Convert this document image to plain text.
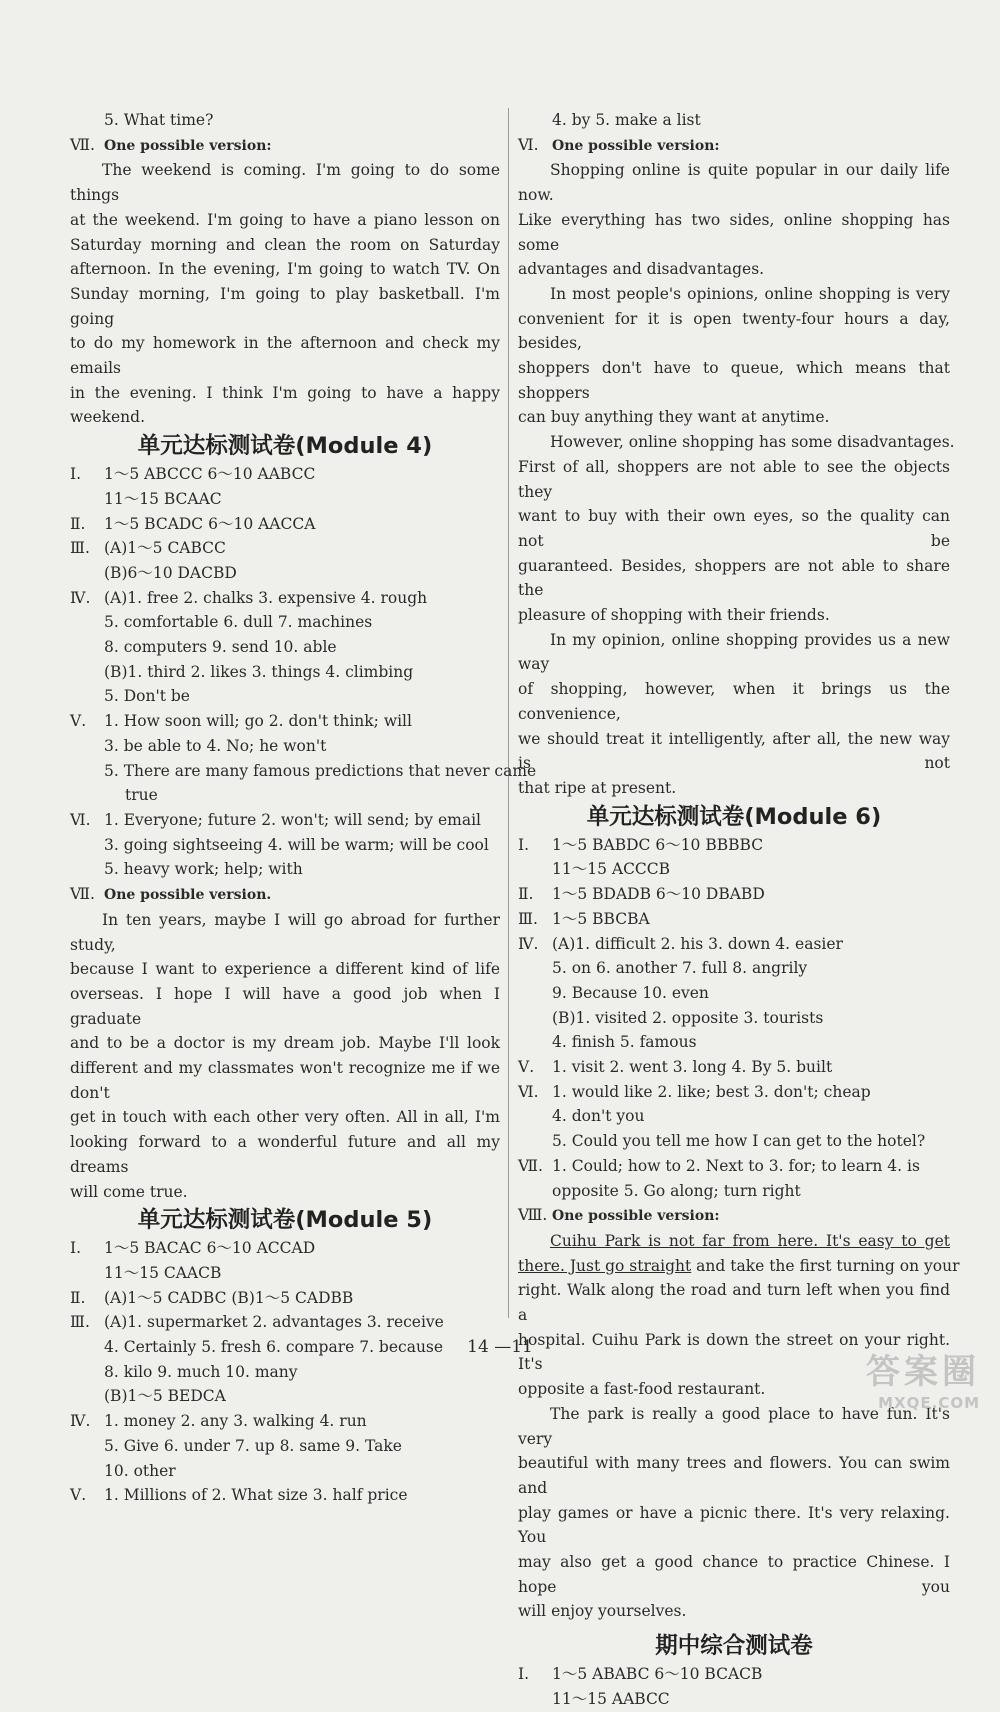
5. What time?
Ⅶ. One possible version:
The weekend is coming. I'm going to do some things
at the weekend. I'm going to have a piano lesson on
Saturday morning and clean the room on Saturday
afternoon. In the evening, I'm going to watch TV. On
Sunday morning, I'm going to play basketball. I'm going
to do my homework in the afternoon and check my emails
in the evening. I think I'm going to have a happy
weekend.
单元达标测试卷(Module 4)
Ⅰ. 1～5 ABCCC 6～10 AABCC
11～15 BCAAC
Ⅱ. 1～5 BCADC 6～10 AACCA
Ⅲ. (A)1～5 CABCC
(B)6～10 DACBD
Ⅳ. (A)1. free 2. chalks 3. expensive 4. rough
5. comfortable 6. dull 7. machines
8. computers 9. send 10. able
(B)1. third 2. likes 3. things 4. climbing
5. Don't be
Ⅴ. 1. How soon will; go 2. don't think; will
3. be able to 4. No; he won't
5. There are many famous predictions that never came
true
Ⅵ. 1. Everyone; future 2. won't; will send; by email
3. going sightseeing 4. will be warm; will be cool
5. heavy work; help; with
Ⅶ. One possible version.
In ten years, maybe I will go abroad for further study,
because I want to experience a different kind of life
overseas. I hope I will have a good job when I graduate
and to be a doctor is my dream job. Maybe I'll look
different and my classmates won't recognize me if we don't
get in touch with each other very often. All in all, I'm
looking forward to a wonderful future and all my dreams
will come true.
单元达标测试卷(Module 5)
Ⅰ. 1～5 BACAC 6～10 ACCAD
11～15 CAACB
Ⅱ. (A)1～5 CADBC (B)1～5 CADBB
Ⅲ. (A)1. supermarket 2. advantages 3. receive
4. Certainly 5. fresh 6. compare 7. because
8. kilo 9. much 10. many
(B)1～5 BEDCA
Ⅳ. 1. money 2. any 3. walking 4. run
5. Give 6. under 7. up 8. same 9. Take
10. other
Ⅴ. 1. Millions of 2. What size 3. half price
4. by 5. make a list
Ⅵ. One possible version:
Shopping online is quite popular in our daily life now.
Like everything has two sides, online shopping has some
advantages and disadvantages.
In most people's opinions, online shopping is very
convenient for it is open twenty-four hours a day, besides,
shoppers don't have to queue, which means that shoppers
can buy anything they want at anytime.
However, online shopping has some disadvantages.
First of all, shoppers are not able to see the objects they
want to buy with their own eyes, so the quality can not be
guaranteed. Besides, shoppers are not able to share the
pleasure of shopping with their friends.
In my opinion, online shopping provides us a new way
of shopping, however, when it brings us the convenience,
we should treat it intelligently, after all, the new way is not
that ripe at present.
单元达标测试卷(Module 6)
Ⅰ. 1～5 BABDC 6～10 BBBBC
11～15 ACCCB
Ⅱ. 1～5 BDADB 6～10 DBABD
Ⅲ. 1～5 BBCBA
Ⅳ. (A)1. difficult 2. his 3. down 4. easier
5. on 6. another 7. full 8. angrily
9. Because 10. even
(B)1. visited 2. opposite 3. tourists
4. finish 5. famous
Ⅴ. 1. visit 2. went 3. long 4. By 5. built
Ⅵ. 1. would like 2. like; best 3. don't; cheap
4. don't you
5. Could you tell me how I can get to the hotel?
Ⅶ. 1. Could; how to 2. Next to 3. for; to learn 4. is
opposite 5. Go along; turn right
Ⅷ. One possible version:
Cuihu Park is not far from here. It's easy to get
there. Just go straight and take the first turning on your
right. Walk along the road and turn left when you find a
hospital. Cuihu Park is down the street on your right. It's
opposite a fast-food restaurant.
The park is really a good place to have fun. It's very
beautiful with many trees and flowers. You can swim and
play games or have a picnic there. It's very relaxing. You
may also get a good chance to practice Chinese. I hope you
will enjoy yourselves.
期中综合测试卷
Ⅰ. 1～5 ABABC 6～10 BCACB
11～15 AABCC
14 —11
答案圈
MXQE.COM
